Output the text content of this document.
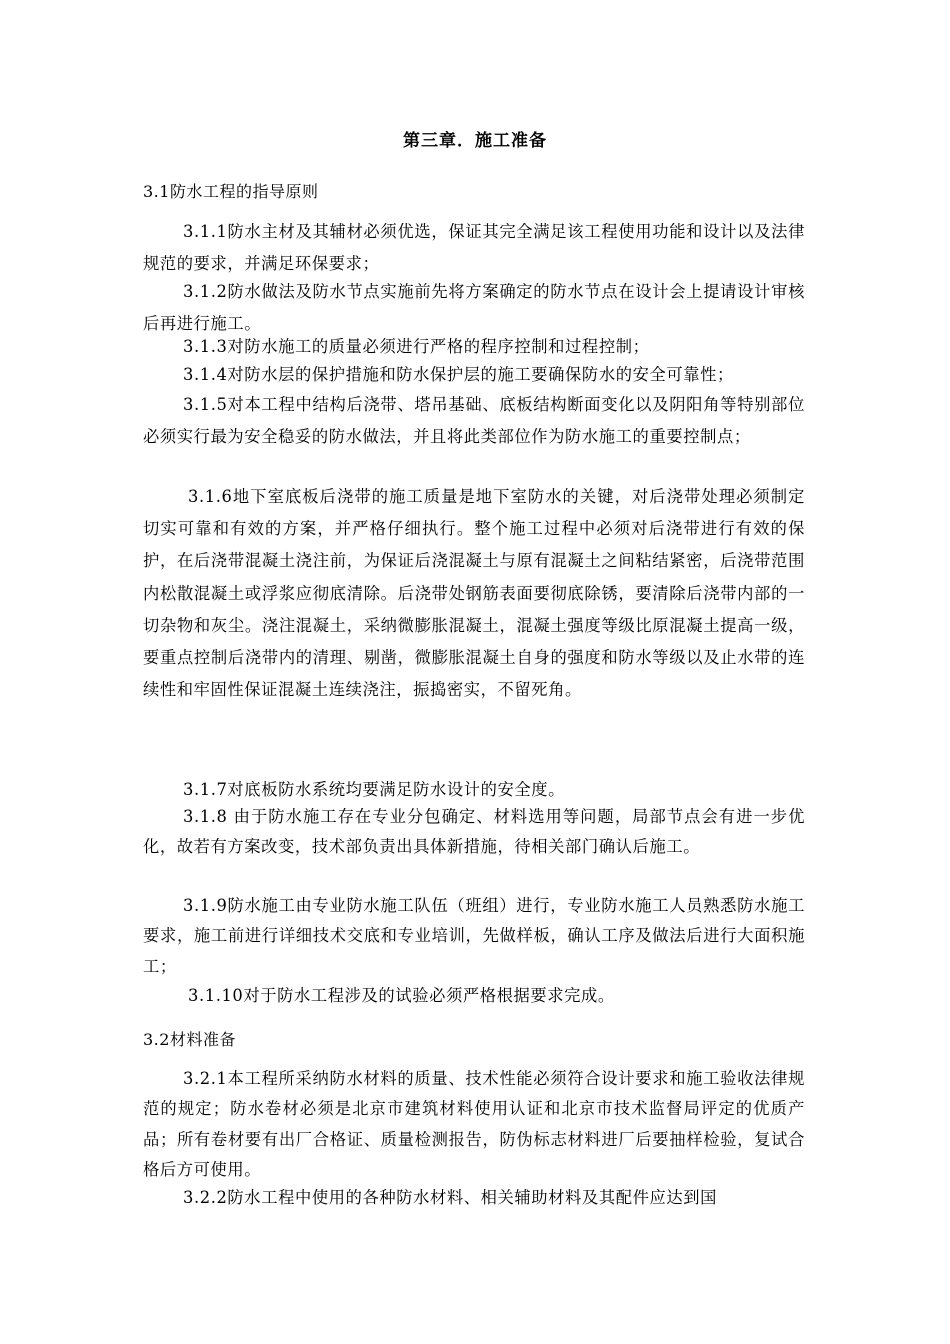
第三章．施工准备
3.1防水工程的指导原则

3.1.1防水主材及其辅材必须优选，保证其完全满足该工程使用功能和设计以及法律规范的要求，并满足环保要求；

3.1.2防水做法及防水节点实施前先将方案确定的防水节点在设计会上提请设计审核后再进行施工。

3.1.3对防水施工的质量必须进行严格的程序控制和过程控制；

3.1.4对防水层的保护措施和防水保护层的施工要确保防水的安全可靠性；

3.1.5对本工程中结构后浇带、塔吊基础、底板结构断面变化以及阴阳角等特别部位必须实行最为安全稳妥的防水做法，并且将此类部位作为防水施工的重要控制点；

3.1.6地下室底板后浇带的施工质量是地下室防水的关键，对后浇带处理必须制定切实可靠和有效的方案，并严格仔细执行。整个施工过程中必须对后浇带进行有效的保护，在后浇带混凝土浇注前，为保证后浇混凝土与原有混凝土之间粘结紧密，后浇带范围内松散混凝土或浮浆应彻底清除。后浇带处钢筋表面要彻底除锈，要清除后浇带内部的一切杂物和灰尘。浇注混凝土，采纳微膨胀混凝土，混凝土强度等级比原混凝土提高一级，要重点控制后浇带内的清理、剔凿，微膨胀混凝土自身的强度和防水等级以及止水带的连续性和牢固性保证混凝土连续浇注，振捣密实，不留死角。

3.1.7对底板防水系统均要满足防水设计的安全度。

3.1.8 由于防水施工存在专业分包确定、材料选用等问题，局部节点会有进一步优化，故若有方案改变，技术部负责出具体新措施，待相关部门确认后施工。

3.1.9防水施工由专业防水施工队伍（班组）进行，专业防水施工人员熟悉防水施工要求，施工前进行详细技术交底和专业培训，先做样板，确认工序及做法后进行大面积施工；

3.1.10对于防水工程涉及的试验必须严格根据要求完成。

3.2材料准备

3.2.1本工程所采纳防水材料的质量、技术性能必须符合设计要求和施工验收法律规范的规定；防水卷材必须是北京市建筑材料使用认证和北京市技术监督局评定的优质产品；所有卷材要有出厂合格证、质量检测报告，防伪标志材料进厂后要抽样检验，复试合格后方可使用。

3.2.2防水工程中使用的各种防水材料、相关辅助材料及其配件应达到国
